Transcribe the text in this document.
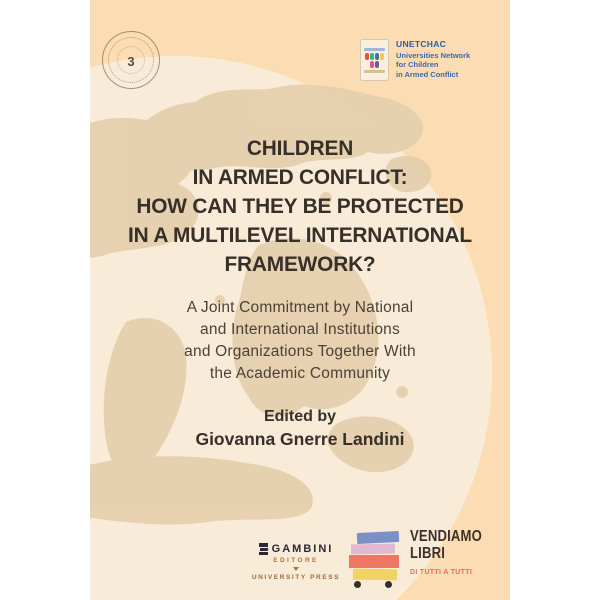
3
UNETCHAC
Universities Network
for Children
in Armed Conflict
CHILDREN
IN ARMED CONFLICT:
HOW CAN THEY BE PROTECTED
IN A MULTILEVEL INTERNATIONAL
FRAMEWORK?
A Joint Commitment by National
and International Institutions
and Organizations Together With
the Academic Community
Edited by
Giovanna Gnerre Landini
GAMBINI
EDITORE
UNIVERSITY PRESS
VENDIAMO
LIBRI
DI TUTTI A TUTTI
